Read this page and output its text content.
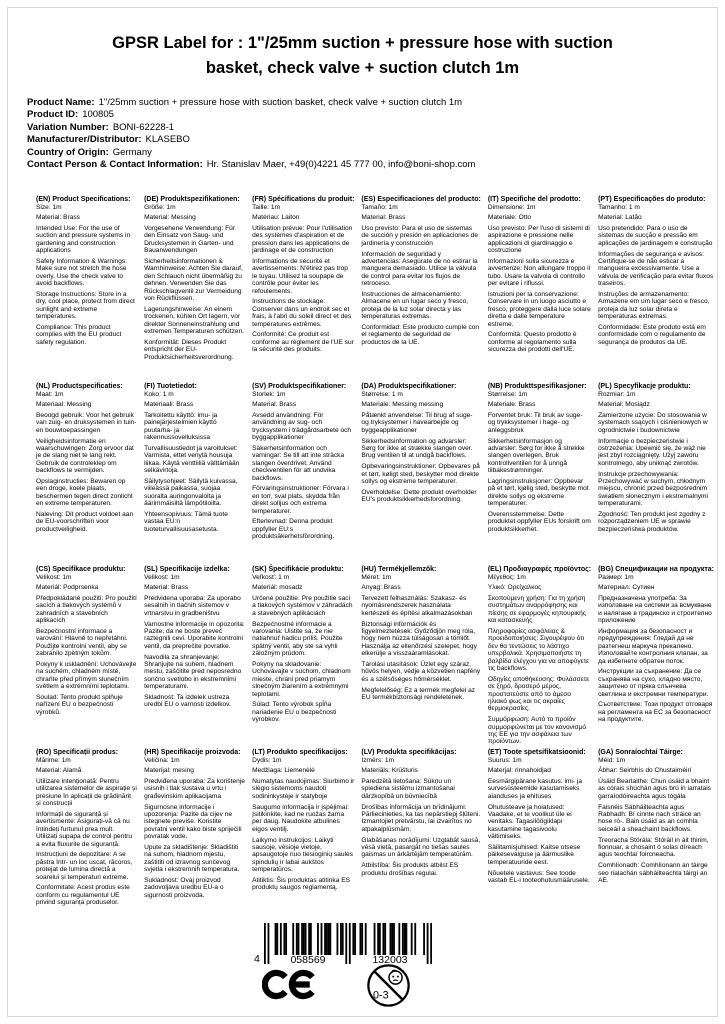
GPSR Label for : 1"/25mm suction + pressure hose with suction basket, check valve + suction clutch 1m
Product Name: 1"/25mm suction + pressure hose with suction basket, check valve + suction clutch 1m
Product ID: 100805
Variation Number: BONI-62228-1
Manufacturer/Distributor: KLASEBO
Country of Origin: Germany
Contact Person & Contact Information: Hr. Stanislav Maer, +49(0)4221 45 777 00, info@boni-shop.com
(EN) Product Specifications:

Size: 1m

Material: Brass

Intended Use: For the use of suction and pressure systems in gardening and construction applications

Safety Information & Warnings: Make sure not stretch the hose overly. Use the check valve to avoid backflows.

Storage Instructions: Store in a dry, cool place, protect from direct sunlight and extreme temperatures.

Compliance: This product complies with the EU product safety regulation.

(DE) Produktspezifikationen:

Größe: 1m

Material: Messing

Vorgesehene Verwendung: Für den Einsatz von Saug- und Drucksystemen in Garten- und Bauanwendungen

Sicherheitsinformationen & Warnhinweise: Achten Sie darauf, den Schlauch nicht übermäßig zu dehnen. Verwenden Sie das Rückschlagventil zur Vermeidung von Rückflüssen.

Lagerungshinweise: An einem trockenen, kühlen Ort lagern, vor direkter Sonneneinstrahlung und extremen Temperaturen schützen.

Konformität: Dieses Produkt entspricht der EU-Produktsicherheitsverordnung.

(FR) Spécifications du produit:

Taille: 1m

Matériau: Laiton

Utilisation prévue: Pour l'utilisation des systèmes d'aspiration et de pression dans les applications de jardinage et de construction

Informations de sécurité et avertissements: N'étirez pas trop le tuyau. Utilisez la soupape de contrôle pour éviter les refoulements.

Instructions de stockage: Conserver dans un endroit sec et frais, à l'abri du soleil direct et des températures extrêmes.

Conformité: Ce produit est conforme au règlement de l'UE sur la sécurité des produits.

(ES) Especificaciones del producto:

Tamaño: 1m

Material: Brass

Uso previsto: Para el uso de sistemas de succión y presión en aplicaciones de jardinería y construcción

Información de seguridad y advertencias: Asegúrate de no estirar la manguera demasiado. Utilice la válvula de control para evitar los flujos de retroceso.

Instrucciones de almacenamiento: Almacene en un lugar seco y fresco, proteja de la luz solar directa y las temperaturas extremas.

Conformidad: Este producto cumple con el reglamento de seguridad de productos de la UE.

(IT) Specifiche del prodotto:

Dimensione: 1m

Materiale: Otto

Uso previsto: Per l'uso di sistemi di aspirazione e pressione nelle applicazioni di giardinaggio e costruzione

Informazioni sulla sicurezza e avvertenze: Non allungare troppo il tubo. Usare la valvola di controllo per evitare i riflussi.

Istruzioni per la conservazione: Conservare in un luogo asciutto e fresco, proteggere dalla luce solare diretta e dalle temperature estreme.

Conformità: Questo prodotto è conforme al regolamento sulla sicurezza dei prodotti dell'UE.

(PT) Especificações do produto:

Tamanho: 1 m

Material: Latão

Uso pretendido: Para o uso de sistemas de sucção e pressão em aplicações de jardinagem e construção

Informações de segurança e avisos: Certifique-se de não esticar a mangueira excessivamente. Use a válvula de verificação para evitar fluxos traseiros.

Instruções de armazenamento: Armazene em um lugar seco e fresco, proteja da luz solar direta e temperaturas extremas.

Conformidade: Este produto está em conformidade com o regulamento de segurança de produtos da UE.

(NL) Productspecificaties:

Maat: 1m

Materiaal: Messing

Beoogd gebruik: Voor het gebruik van zuig- en druksystemen in tuin- en bouwtoepassingen

Veiligheidsinformatie en waarschuwingen: Zorg ervoor dat je de slang niet te lang rekt. Gebruik de controleklep om backflows te vermijden.

Opslaginstructies: Bewaren op een droge, koele plaats, beschermen tegen direct zonlicht en extreme temperaturen.

Naleving: Dit product voldoet aan de EU-voorschriften voor productveiligheid.

(FI) Tuotetiedot:

Koko: 1 m

Materiaali: Brass

Tarkoitettu käyttö: imu- ja painejärjestelmien käyttö puutarha- ja rakennussovelluksissa

Turvallisuustiedot ja varoitukset: Varmista, ettet venytä housuja liikaa. Käytä venttiiliä välttämään selkävirtoja.

Säilytysohjeet: Säilytä kuivassa, viileässä paikassa, suojaa suoralta auringonvalolta ja äärimmäisiltä lämpötiloilta.

Yhteensopivuus: Tämä tuote vastaa EU:n tuoteturvallisuusasetusta.

(SV) Produktspecifikationer:

Storlek: 1m

Material: Brass

Avsedd användning: För användning av sug- och trycksystem i trädgårdsarbete och byggapplikationer

Säkerhetsinformation och varningar: Se till att inte sträcka slangen överdrivet. Använd checkventilen för att undvika backflows.

Förvaringsinstruktioner: Förvara i en torr, sval plats, skydda från direkt solljus och extrema temperaturer.

Efterlevnad: Denna produkt uppfyller EU:s produktsäkerhetsförordning.

(DA) Produktspecifikationer:

Størrelse: 1 m

Materiale: Messing messing

Påtænkt anvendelse: Til brug af suge- og tryksystemer i havearbejde og byggeapplikationer

Sikkerhedsinformation og advarsler: Sørg for ikke at strække slangen over. Brug ventilen til at undgå backflows.

Opbevaringsinstruktioner: Opbevares på et tørt, køligt sted, beskytter mod direkte sollys og ekstreme temperaturer.

Overholdelse: Dette produkt overholder EU's produktsikkerhedsforordning.

(NB) Produkttspesifikasjoner:

Størrelse: 1m

Materiale: Brass

Forventet bruk: Til bruk av suge- og trykksystemer i hage- og anleggsbruk

Sikkerhetsinformasjon og advarsler: Sørg for ikke å strekke slangen overlegen. Bruk kontrollventilen for å unngå tilbakestrømninger.

Lagringsinstruksjoner: Oppbevar på et tørt, kjølig sted, beskytte mot direkte sollys og ekstreme temperaturer.

Overensstemmelse: Dette produktet oppfyller EUs forskrift om produktsikkerhet.

(PL) Specyfikacje produktu:

Rozmiar: 1m

Materiał: Mosiądz

Zamierzone użycie: Do stosowania w systemach ssących i ciśnieniowych w ogrodnictwie i budownictwie

Informacje o bezpieczeństwie i ostrzeżenia: Upewnić się, że wąż nie jest zbyt rozciągnięty. Użyj zaworu kontrolnego, aby uniknąć zwrotów.

Instrukcje przechowywania: Przechowywać w suchym, chłodnym miejscu, chronić przed bezpośrednim światłem słonecznym i ekstremalnymi temperaturami.

Zgodność: Ten produkt jest zgodny z rozporządzeniem UE w sprawie bezpieczeństwa produktów.

(CS) Specifikace produktu:

Velikost: 1m

Materiál: Podprsenka

Předpokládané použití: Pro použití sacích a tlakových systémů v zahradních a stavebních aplikacích

Bezpečnostní informace a varování: Hlavně to nepřetáhni. Použijte kontrolní ventil, aby se zabránilo zpětným tokům.

Pokyny k uskladnění: Uchovávejte na suchém, chladném místě, chraňte před přímým slunečním světlem a extrémními teplotami.

Soulad: Tento produkt splňuje nařízení EU o bezpečnosti výrobků.

(SL) Specifikacije izdelka:

Velikost: 1m

Material: Brass

Predvidena uporaba: Za uporabo sesalnih in tlačnih sistemov v vrtnarstvu in gradbeništvu

Varnostne informacije in opozorila: Pazite, da ne boste preveč raztegnili cevi. Uporabite kontrolni ventil, da preprečite povratke.

Navodila za shranjevanje: Shranjujte na suhem, hladnem mestu, zaščitite pred neposredno sončno svetlobo in ekstremnimi temperaturami.

Skladnost: Ta izdelek ustreza uredbi EU o varnosti izdelkov.

(SK) Špecifikácie produktu:

Veľkosť: 1 m

Materiál: mosadz

Určené použitie: Pre použitie sací a tlakových systémov v záhradách a stavebných aplikáciách

Bezpečnostné informácie a varovania: Uistite sa, že nie natiahnuť hadicu príliš. Použite spätný ventil, aby ste sa vyhli záložným prúdom.

Pokyny na skladovanie: Uchovávajte v suchom, chladnom mieste, chráni pred priamym slnečným žiarením a extrémnymi teplotami.

Súlad: Tento výrobok spĺňa nariadenie EU o bezpečnosti výrobkov.

(HU) Termékjellemzők:

Méret: 1m

Anyag: Brass

Tervezett felhasználás: Szakasz- és nyomásrendszerek használata kertészeti és építési alkalmazásokban

Biztonsági információk és figyelmeztetések: Győződjön meg róla, hogy nem húzza túlságosan a tömlőt. Használja az ellenőrzési szelepet, hogy elkerülje a visszaáramlásokat.

Tárolási utasítások: Üzlet egy száraz, hűvös helyen, védje a közvetlen napfény és a szélsőséges hőmérséklet.

Megfelelőség: Ez a termék megfelel az EU termékbiztonsági rendeletének.

(EL) Προδιαγραφές προϊόντος:

Μέγεθος: 1m

Υλικό: Ορείχαλκος

Σκοπούμενη χρήση: Για τη χρήση συστημάτων αναρρόφησης και πίεσης σε εφαρμογές κηπουρικής και κατασκευής

Πληροφορίες ασφάλειας & προειδοποιήσεις: Σιγουρέψου ότι δεν θα τεντώσεις το λάστιχο υπερβολικά. Χρησιμοποιήστε τη βαλβίδα ελέγχου για να αποφύγετε τις backflows.

Οδηγίες αποθήκευσης: Φυλάσσετε σε ξηρό, δροσερό μέρος, προστατεύστε από το άμεσο ηλιακό φως και τις ακραίες θερμοκρασίες.

Συμμόρφωση: Αυτό το προϊόν συμμορφώνεται με τον κανονισμό της ΕΕ για την ασφάλεια των προϊόντων.

(BG) Спецификации на продукта:

Размер: 1m

Материал: Сутиен

Предназначена употреба: За използване на системи за всмукване и налягане в градинско и строително приложение

Информация за безопасност и предупреждения: Гледай да не разтегнеш маркуча прекалено. Използвайте контролния клапан, за да избегнете обратен поток.

Инструкции за съхранение: Да се съхранява на сухо, хладно място, защитено от пряка слънчева светлина и екстремни температури.

Съответствие: Този продукт отговаря на регламента на ЕС за безопасност на продуктите.

(RO) Specificații produs:

Mărime: 1m

Material: Alamă

Utilizare intenționată: Pentru utilizarea sistemelor de aspirație și presiune în aplicații de grădinărit și construcții

Informații de siguranță și avertismente: Asigurați-vă că nu întindeți furtunul prea mult. Utilizați supapa de control pentru a evita fluxurile de siguranță.

Instrucțiuni de depozitare: A se păstra într- un loc uscat, răcoros, protejat de lumina directă a soarelui și temperaturi extreme.

Conformitate: Acest produs este conform cu regulamentul UE privind siguranța produselor.

(HR) Specifikacije proizvoda:

Veličina: 1m

Materijal: mesing

Predviđena uporaba: Za korištenje usisnih i tlak sustava u vrtu i građevinskim aplikacijama

Sigurnosne informacije i upozorenja: Pazite da cijev ne istegnete previše. Koristite povratni ventil kako biste spriječili povratak vode.

Upute za skladištenje: Skladištiti na suhom, hladnom mjestu, zaštititi od izravnog sunčevog svjetla i ekstremnih temperatura.

Sukladnost: Ovaj proizvod zadovoljava uredbu EU-a o sigurnosti proizvoda.

(LT) Produkto specifikacijos:

Dydis: 1m

Medžiaga: Liemenėlė

Numatytas naudojimas: Siurbimo ir slėgio sistemoms naudoti sodininkystėje ir statyboje

Saugumo informacija ir įspėjimai: Įsitikinkite, kad ne ruožas žarna per daug. Naudokite atbulinės eigos ventilį.

Laikymo instrukcijos: Laikyti sausoje, vėsioje vietoje, apsaugotoje nuo tiesioginių saulės spindulių ir labai aukštos temperatūros.

Atitiktis: Šis produktas atitinka ES produktų saugos reglamentą.

(LV) Produkta specifikācijas:

Izmērs: 1m

Materiāls: Krūšturis

Paredzētā lietošana: Sūkņu un spiediena sistēmu izmantošanai dārzkopībā un būvniecībā

Drošības informācija un brīdinājumi: Pārliecinieties, ka tas nepārstiepj šļūteni. Izmantojiet pretvārstu, lai izvairītos no atpakaļplūsmām.

Glabāšanas norādījumi: Uzglabāt sausā, vēsā vietā, pasargāt no tiešas saules gaismas un ārkārtējām temperatūrām.

Atbilstība: Šis produkts atbilst ES produktu drošības regulai.

(ET) Toote spetsifikatsioonid:

Suurus: 1m

Materjal: rinnahoidjad

Eesmärgipärane kasutus: imi- ja survesüsteemide kasutamiseks aianduses ja ehituses

Ohutusteave ja hoiatused: Vaadake, et te voolikut üle ei venitaks. Tagasilöögiklapi kasutamine tagasivoolu vältimiseks.

Säilitamisjuhised: Kaitse otsese päikesevalguse ja äärmuslike temperatuuride eest.

Nõuetele vastavus: See toode vastab EL-i tooteohutusmäärusele.

(GA) Sonraíochtaí Táirge:

Méid: 1m

Ábhar: Seirbhís do Chustaiméirí

Úsáid Beartaithe: Chun úsáid a bhaint as córais shúchán agus brú in iarratais garraíodóireachta agus tógála

Faisnéis Sábháilteachta agus Rabhadh: Bí cinnte nach stráice an hose ró-. Bain úsáid as an comhla seiceáil a sheachaint backflows.

Treoracha Stórála: Stóráil in áit thirim, fionnuar, a chosaint ó solas díreach agus teochtaí foircneacha.

Comhlíonadh: Comhlíonann an táirge seo rialachán sábháilteachta táirgí an AE.

4	058569	132003
0-3
